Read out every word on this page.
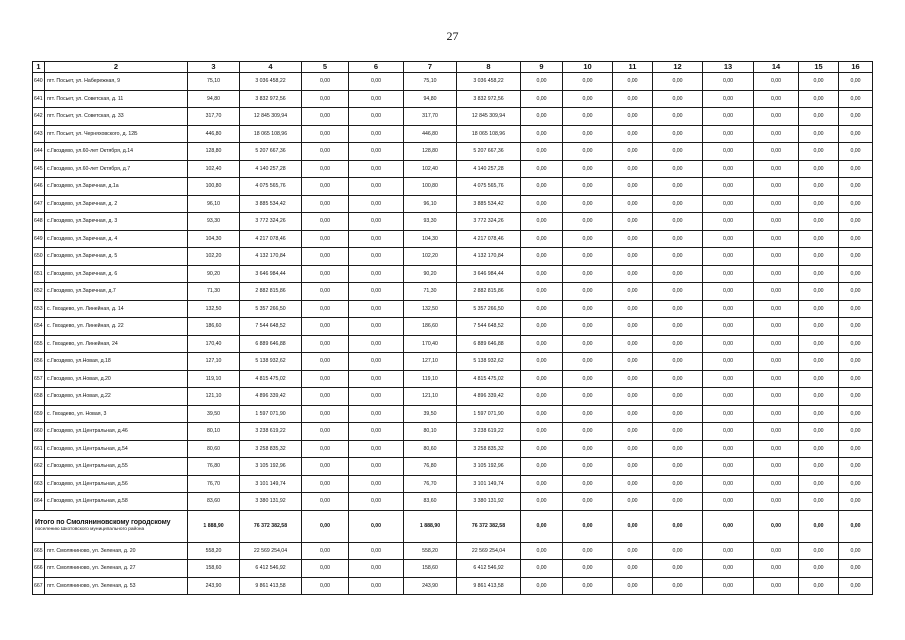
27
1	2	3	4	5	6	7	8	9	10	11	12	13	14	15	16
640	пгт. Посьет, ул. Набережная, 9	75,10	3 036 458,22	0,00	0,00	75,10	3 036 458,22	0,00	0,00	0,00	0,00	0,00	0,00	0,00	0,00
641	пгт. Посьет, ул. Советская, д. 11	94,80	3 832 972,56	0,00	0,00	94,80	3 832 972,56	0,00	0,00	0,00	0,00	0,00	0,00	0,00	0,00
642	пгт. Посьет, ул. Советская, д. 33	317,70	12 845 309,94	0,00	0,00	317,70	12 845 309,94	0,00	0,00	0,00	0,00	0,00	0,00	0,00	0,00
643	пгт. Посьет, ул. Черняховского, д. 12Б	446,80	18 065 108,96	0,00	0,00	446,80	18 065 108,96	0,00	0,00	0,00	0,00	0,00	0,00	0,00	0,00
644	с.Гвоздево, ул.60-лет Октября, д.14	128,80	5 207 667,36	0,00	0,00	128,80	5 207 667,36	0,00	0,00	0,00	0,00	0,00	0,00	0,00	0,00
645	с.Гвоздево, ул.60-лет Октября, д.7	102,40	4 140 257,28	0,00	0,00	102,40	4 140 257,28	0,00	0,00	0,00	0,00	0,00	0,00	0,00	0,00
646	с.Гвоздево, ул.Заречная, д.1а	100,80	4 075 565,76	0,00	0,00	100,80	4 075 565,76	0,00	0,00	0,00	0,00	0,00	0,00	0,00	0,00
647	с.Гвоздево, ул.Заречная, д. 2	96,10	3 885 534,42	0,00	0,00	96,10	3 885 534,42	0,00	0,00	0,00	0,00	0,00	0,00	0,00	0,00
648	с.Гвоздево, ул.Заречная, д. 3	93,30	3 772 324,26	0,00	0,00	93,30	3 772 324,26	0,00	0,00	0,00	0,00	0,00	0,00	0,00	0,00
649	с.Гвоздево, ул.Заречная, д. 4	104,30	4 217 078,46	0,00	0,00	104,30	4 217 078,46	0,00	0,00	0,00	0,00	0,00	0,00	0,00	0,00
650	с.Гвоздево, ул.Заречная, д. 5	102,20	4 132 170,84	0,00	0,00	102,20	4 132 170,84	0,00	0,00	0,00	0,00	0,00	0,00	0,00	0,00
651	с.Гвоздево, ул.Заречная, д. 6	90,20	3 646 984,44	0,00	0,00	90,20	3 646 984,44	0,00	0,00	0,00	0,00	0,00	0,00	0,00	0,00
652	с.Гвоздево, ул.Заречная, д.7	71,30	2 882 815,86	0,00	0,00	71,30	2 882 815,86	0,00	0,00	0,00	0,00	0,00	0,00	0,00	0,00
653	с. Гвоздево, ул. Линейная, д. 14	132,50	5 357 266,50	0,00	0,00	132,50	5 357 266,50	0,00	0,00	0,00	0,00	0,00	0,00	0,00	0,00
654	с. Гвоздево, ул. Линейная, д. 22	186,60	7 544 648,52	0,00	0,00	186,60	7 544 648,52	0,00	0,00	0,00	0,00	0,00	0,00	0,00	0,00
655	с. Гвоздево, ул. Линейная, 24	170,40	6 889 646,88	0,00	0,00	170,40	6 889 646,88	0,00	0,00	0,00	0,00	0,00	0,00	0,00	0,00
656	с.Гвоздево, ул.Новая, д.18	127,10	5 138 932,62	0,00	0,00	127,10	5 138 932,62	0,00	0,00	0,00	0,00	0,00	0,00	0,00	0,00
657	с.Гвоздево, ул.Новая, д.20	119,10	4 815 475,02	0,00	0,00	119,10	4 815 475,02	0,00	0,00	0,00	0,00	0,00	0,00	0,00	0,00
658	с.Гвоздево, ул.Новая, д.22	121,10	4 896 339,42	0,00	0,00	121,10	4 896 339,42	0,00	0,00	0,00	0,00	0,00	0,00	0,00	0,00
659	с. Гвоздево, ул. Новая, 3	39,50	1 597 071,90	0,00	0,00	39,50	1 597 071,90	0,00	0,00	0,00	0,00	0,00	0,00	0,00	0,00
660	с.Гвоздево, ул.Центральная, д.46	80,10	3 238 619,22	0,00	0,00	80,10	3 238 619,22	0,00	0,00	0,00	0,00	0,00	0,00	0,00	0,00
661	с.Гвоздево, ул.Центральная, д.54	80,60	3 258 835,32	0,00	0,00	80,60	3 258 835,32	0,00	0,00	0,00	0,00	0,00	0,00	0,00	0,00
662	с.Гвоздево, ул.Центральная, д.55	76,80	3 105 192,96	0,00	0,00	76,80	3 105 192,96	0,00	0,00	0,00	0,00	0,00	0,00	0,00	0,00
663	с.Гвоздево, ул.Центральная, д.56	76,70	3 101 149,74	0,00	0,00	76,70	3 101 149,74	0,00	0,00	0,00	0,00	0,00	0,00	0,00	0,00
664	с.Гвоздево, ул.Центральная, д.58	83,60	3 380 131,92	0,00	0,00	83,60	3 380 131,92	0,00	0,00	0,00	0,00	0,00	0,00	0,00	0,00

Итого по Смоляниновскому городскому
поселению Шкотовского муниципального района		1 888,90	76 372 382,58	0,00	0,00	1 888,90	76 372 382,58	0,00	0,00	0,00	0,00	0,00	0,00	0,00	0,00
665	пгт. Смоляниново, ул. Зеленая, д. 20	558,20	22 569 254,04	0,00	0,00	558,20	22 569 254,04	0,00	0,00	0,00	0,00	0,00	0,00	0,00	0,00
666	пгт. Смоляниново, ул. Зеленая, д. 27	158,60	6 412 546,92	0,00	0,00	158,60	6 412 546,92	0,00	0,00	0,00	0,00	0,00	0,00	0,00	0,00
667	пгт. Смоляниново, ул. Зеленая, д. 53	243,90	9 861 413,58	0,00	0,00	243,90	9 861 413,58	0,00	0,00	0,00	0,00	0,00	0,00	0,00	0,00
